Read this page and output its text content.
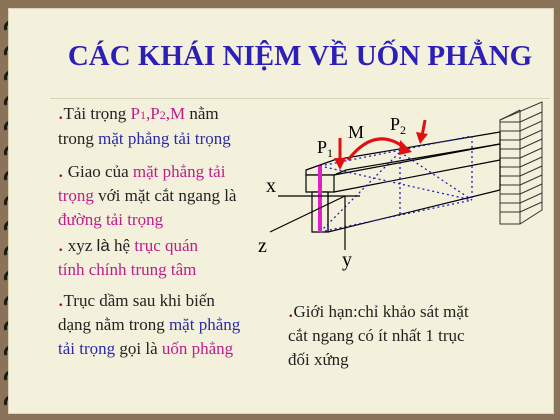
CÁC KHÁI NIỆM VỀ UỐN PHẲNG
.Tải trọng P1,P2,M nằm
trong mặt phẳng tải trọng
. Giao của mặt phẳng tải
trọng với mặt cắt ngang là
đường tải trọng
. xyz là hệ trục quán
tính chính trung tâm
.Trục dầm sau khi biến
dạng nằm trong mặt phẳng
tải trọng gọi là uốn phẳng
.Giới hạn:chỉ khảo sát mặt
cắt ngang có ít nhất 1 trục
đối xứng
$P_1$
M $P_2$
x
z
y
